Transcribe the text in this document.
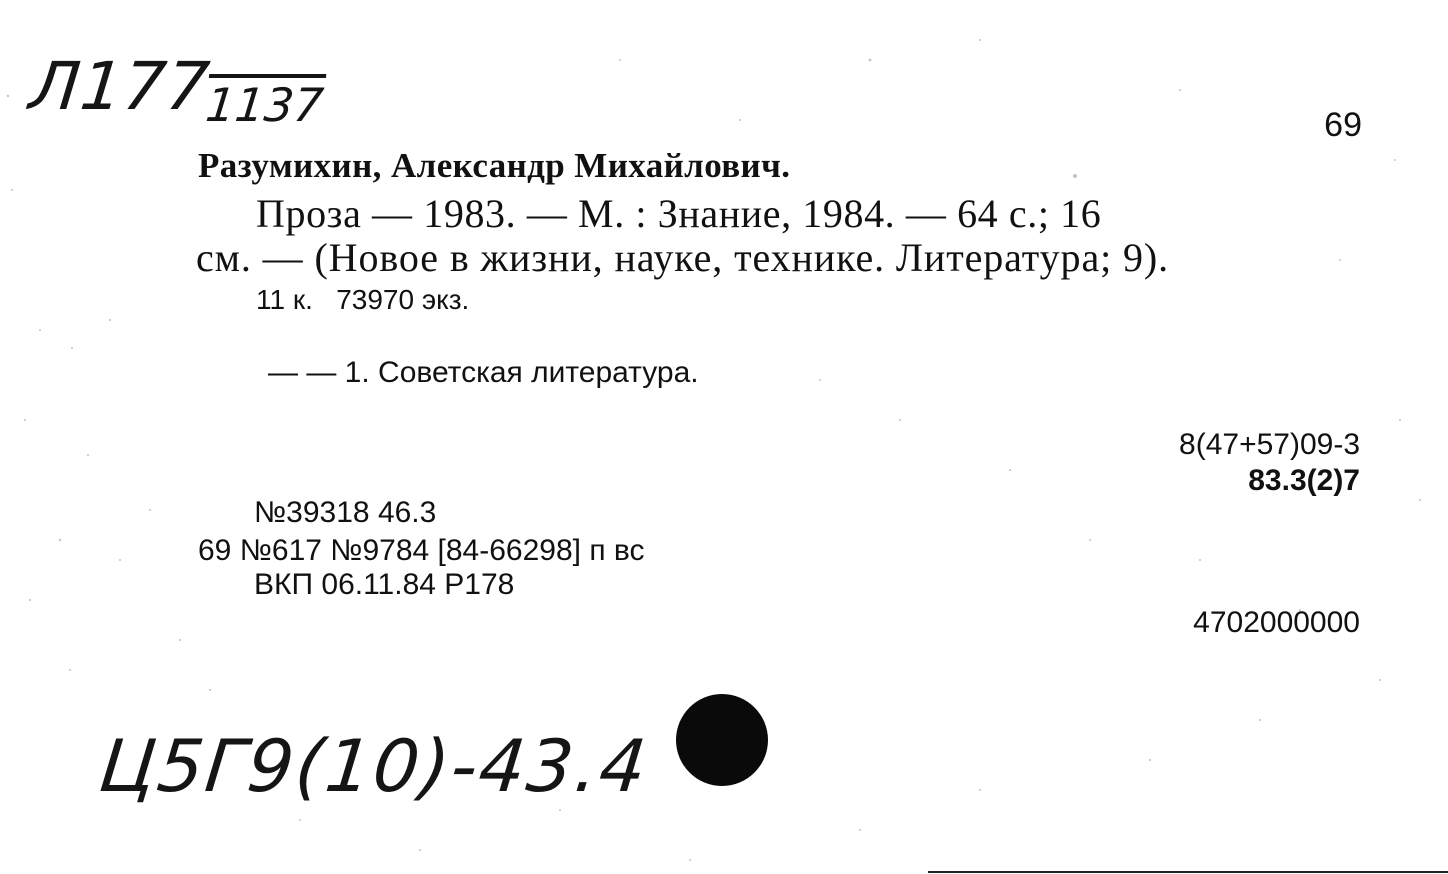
Л177
1137	69
Разумихин, Александр Михайлович.
Проза — 1983. — М. : Знание, 1984. — 64 с.; 16
см. — (Новое в жизни, науке, технике. Литература; 9).
11 к.   73970 экз.
— — 1. Советская литература.
8(47+57)09-3
83.3(2)7
№39318 46.3
69 №617 №9784 [84-66298] п вс
ВКП 06.11.84 Р178
4702000000
Ц5Г9(10)-43.4
